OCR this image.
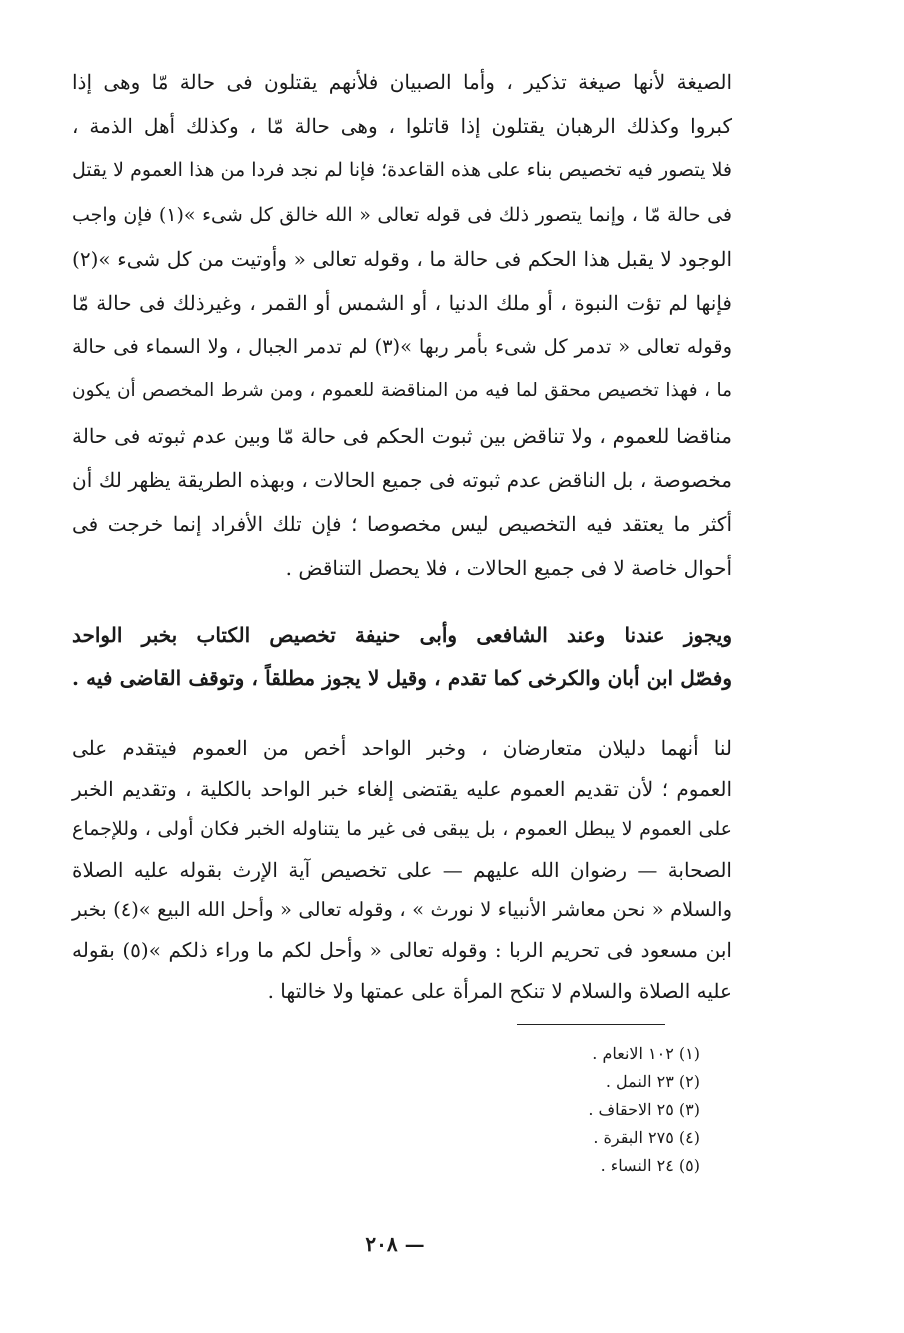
الصيغة لأنها صيغة تذكير ، وأما الصبيان فلأنهم يقتلون فى حالة مّا وهى إذا
كبروا وكذلك الرهبان يقتلون إذا قاتلوا ، وهى حالة مّا ، وكذلك أهل الذمة ،
فلا يتصور فيه تخصيص بناء على هذه القاعدة؛ فإنا لم نجد فردا من هذا العموم لا يقتل
فى حالة مّا ، وإنما يتصور ذلك فى قوله تعالى « الله خالق كل شىء »(١) فإن واجب
الوجود لا يقبل هذا الحكم فى حالة ما ، وقوله تعالى « وأوتيت من كل شىء »(٢)
فإنها لم تؤت النبوة ، أو ملك الدنيا ، أو الشمس أو القمر ، وغيرذلك فى حالة مّا
وقوله تعالى « تدمر كل شىء بأمر ربها »(٣) لم تدمر الجبال ، ولا السماء فى حالة
ما ، فهذا تخصيص محقق لما فيه من المناقضة للعموم ، ومن شرط المخصص أن يكون
مناقضا للعموم ، ولا تناقض بين ثبوت الحكم فى حالة مّا وبين عدم ثبوته فى حالة
مخصوصة ، بل الناقض عدم ثبوته فى جميع الحالات ، وبهذه الطريقة يظهر لك أن
أكثر ما يعتقد فيه التخصيص ليس مخصوصا ؛ فإن تلك الأفراد إنما خرجت فى
أحوال خاصة لا فى جميع الحالات ، فلا يحصل التناقض .

ويجوز عندنا وعند الشافعى وأبى حنيفة تخصيص الكتاب بخبر الواحد
وفصّل ابن أبان والكرخى كما تقدم ، وقيل لا يجوز مطلقاً ، وتوقف القاضى فيه .

لنا أنهما دليلان متعارضان ، وخبر الواحد أخص من العموم فيتقدم على
العموم ؛ لأن تقديم العموم عليه يقتضى إلغاء خبر الواحد بالكلية ، وتقديم الخبر
على العموم لا يبطل العموم ، بل يبقى فى غير ما يتناوله الخبر فكان أولى ، وللإجماع
الصحابة — رضوان الله عليهم — على تخصيص آية الإرث بقوله عليه الصلاة
والسلام « نحن معاشر الأنبياء لا نورث » ، وقوله تعالى « وأحل الله البيع »(٤) بخبر
ابن مسعود فى تحريم الربا : وقوله تعالى « وأحل لكم ما وراء ذلكم »(٥) بقوله
عليه الصلاة والسلام لا تنكح المرأة على عمتها ولا خالتها .

(١) ١٠٢ الانعام .
(٢) ٢٣ النمل .
(٣) ٢٥ الاحقاف .
(٤) ٢٧٥ البقرة .
(٥) ٢٤ النساء .
— ٢٠٨
